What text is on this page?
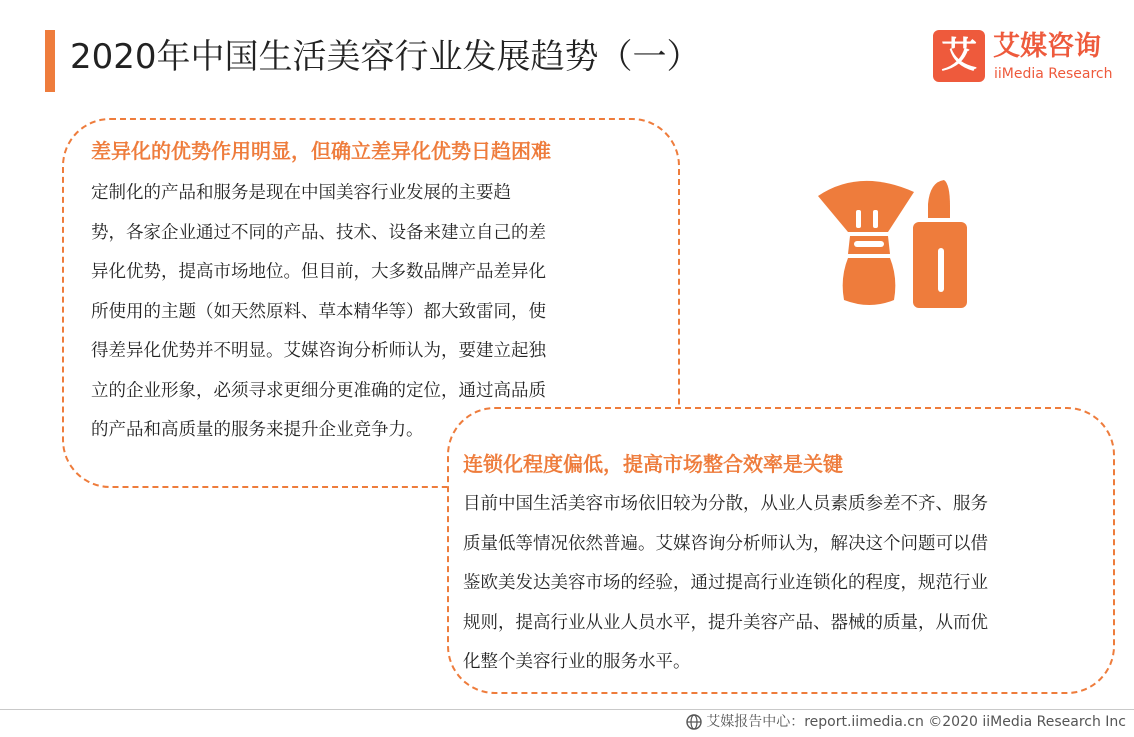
2020年中国生活美容行业发展趋势（一）	艾 艾媒咨询
iiMedia Research
差异化的优势作用明显，但确立差异化优势日趋困难
定制化的产品和服务是现在中国美容行业发展的主要趋
势，各家企业通过不同的产品、技术、设备来建立自己的差
异化优势，提高市场地位。但目前，大多数品牌产品差异化
所使用的主题（如天然原料、草本精华等）都大致雷同，使
得差异化优势并不明显。艾媒咨询分析师认为，要建立起独
立的企业形象，必须寻求更细分更准确的定位，通过高品质
的产品和高质量的服务来提升企业竞争力。
连锁化程度偏低，提高市场整合效率是关键
目前中国生活美容市场依旧较为分散，从业人员素质参差不齐、服务
质量低等情况依然普遍。艾媒咨询分析师认为，解决这个问题可以借
鉴欧美发达美容市场的经验，通过提高行业连锁化的程度，规范行业
规则，提高行业从业人员水平，提升美容产品、器械的质量，从而优
化整个美容行业的服务水平。
艾媒报告中心：report.iimedia.cn ©2020 iiMedia Research Inc
